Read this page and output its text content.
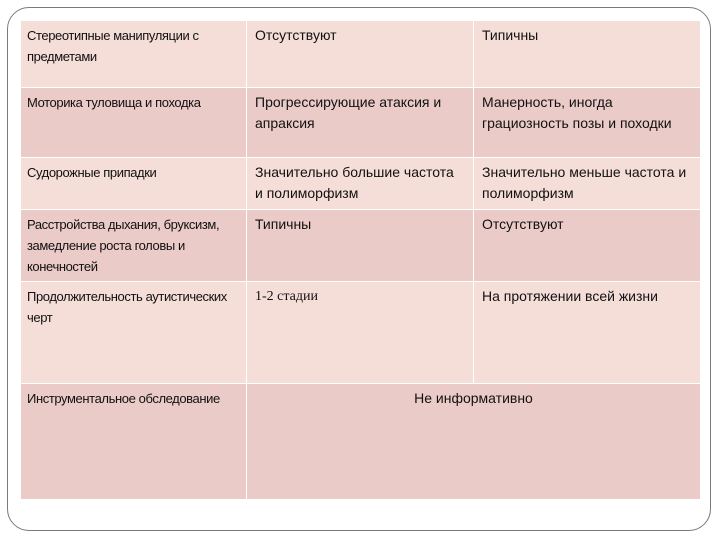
Стереотипные манипуляции с предметами	Отсутствуют	Типичны
Моторика туловища и походка	Прогрессирующие атаксия и апраксия	Манерность, иногда грациозность позы и походки
Судорожные припадки	Значительно большие частота и полиморфизм	Значительно меньше частота и полиморфизм
Расстройства дыхания, бруксизм, замедление роста головы и конечностей	Типичны	Отсутствуют
Продолжительность аутистических черт	1-2 стадии	На протяжении всей жизни
Инструментальное обследование	Не информативно	
